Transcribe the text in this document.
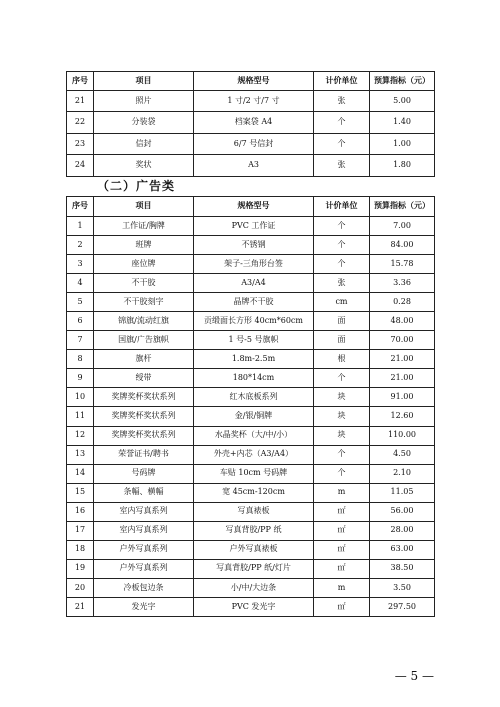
序号	项目	规格型号	计价单位	预算指标（元）
21	照片	1 寸/2 寸/7 寸	张	5.00
22	分装袋	档案袋 A4	个	1.40
23	信封	6/7 号信封	个	1.00
24	奖状	A3	张	1.80
（二）广告类
序号	项目	规格型号	计价单位	预算指标（元）
1	工作证/胸牌	PVC 工作证	个	7.00
2	班牌	不锈钢	个	84.00
3	座位牌	架子-三角形台签	个	15.78
4	不干胶	A3/A4	张	3.36
5	不干胶刻字	晶牌不干胶	cm	0.28
6	锦旗/流动红旗	贡缎面长方形 40cm*60cm	面	48.00
7	国旗/广告旗帜	1 号-5 号旗帜	面	70.00
8	旗杆	1.8m-2.5m	根	21.00
9	绶带	180*14cm	个	21.00
10	奖牌奖杯奖状系列	红木底板系列	块	91.00
11	奖牌奖杯奖状系列	金/银/铜牌	块	12.60
12	奖牌奖杯奖状系列	水晶奖杯（大/中/小）	块	110.00
13	荣誉证书/聘书	外壳+内芯（A3/A4）	个	4.50
14	号码牌	车贴 10cm 号码牌	个	2.10
15	条幅、横幅	宽 45cm-120cm	m	11.05
16	室内写真系列	写真裱板	㎡	56.00
17	室内写真系列	写真背胶/PP 纸	㎡	28.00
18	户外写真系列	户外写真裱板	㎡	63.00
19	户外写真系列	写真背胶/PP 纸/灯片	㎡	38.50
20	冷板包边条	小/中/大边条	m	3.50
21	发光字	PVC 发光字	㎡	297.50
— 5 —
